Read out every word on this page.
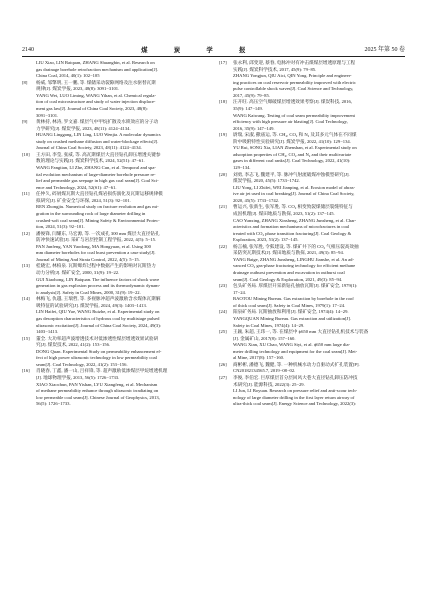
2140	煤 炭 学 报	2025 年第 50 卷
LIU Xiao, LIN Baiquan, ZHANG Shuangbin, et al. Research on
gas drainage borehole retrofraction mechanism and application[J].
China Coal, 2014, 40(1): 102−105
[8]	杨威, 邹擎明, 王一鹏, 等. 煤储采动裂隙网络及注水驱替瓦斯
规律[J]. 煤炭学报, 2023, 48(8): 3091−3101.
YANG Wei, LUO Liming, WANG Yihan, et al. Chemical regula-
tion of coal microstructure and study of water injection displace-
ment gas law[J]. Journal of China Coal Society, 2023, 48(8):
3091−3101.
[9]	黄林持, 林涛, 罗文嘉. 煤层气中甲烷扩散及水锁效应的分子动
力学研究[J]. 煤炭学报, 2023, 48(11): 4124−4134.
HUANG Linggang, LIN Ling, LUO Wenjia. A molecular dynamics
study on crushed methane diffusion and water-blockage effects[J].
Journal of China Coal Society, 2023, 48(11): 4124−4134.
[10]	王方田, 李莹, 张威, 等. 高瓦斯煤层大直径钻孔卸压增透关键参
数的理论与实践[J]. 煤炭科学技术, 2024, 52(51): 47−61.
WANG Fangtian, LI Zhe, ZHANG Cun, et al. Temporal and spa-
tial evolution mechanism of large-diameter borehole pressure re-
lief and permeable gas seepage in high gas coal seam[J]. Coal Sci-
ence and Technology, 2024, 52(S1): 47−61.
[11]	任仲久, 碎屑煤瓦斯大直径钻孔煤岩损伤演化及瓦斯运移规律模
拟研究[J]. 矿业安全与环保, 2024, 51(3): 92−101.
REN Zhongjiu. Numerical study on fracture evolution and gas mi-
gration in the surrounding rock of large diameter drilling in
crushed-soft coal seam[J]. Mining Safety & Environmental Protec-
tion, 2024, 51(3): 92−101.
[12]	潘俊锋, 闫耀东, 马宏源, 等. 一次成孔 300 mm 煤层大直径钻孔
防冲快速试验[J]. 采矿与岩层控制工程学报, 2022, 4(5): 5−15.
PAN Junfeng, YAN Yaodong, MA Hongyuan, et al. Using 300
mm diameter boreholes for coal burst prevention a case study[J].
Journal of Mining And Strata Control, 2022, 4(5): 5−15.
[13]	桂晓宏, 林柏泉. 瓦斯爆炸过程中数据产生的影响对瓦斯热力
动力分析[J]. 煤矿安全, 2000, 31(9): 19−22.
GUI Xiaohong, LIN Baiquan. The influence factors of shock wave
generation in gas explosion process and its thermodynamic dynam-
ic analysis[J]. Safety in Coal Mines, 2000, 31(9): 19−22.
[14]	林梅飞, 仇越, 王瑞哲, 等. 多视脉冲超声波激励含水煤体瓦斯解
吸特征的试验研究[J]. 煤炭学报, 2024, 49(3): 1403−1413.
LIN Haifei, QIU Yue, WANG Ruizhe, et al. Experimental study on
gas desorption characteristics of hydrous coal by multistage pulsed
ultrasonic excitation[J]. Journal of China Coal Society, 2024, 49(3):
1403−1413.
[15]	董全. 大功率超声波增透技术对低渗透性煤层增透效果试验研
究[J]. 煤炭技术, 2022, 41(2): 153−156.
DONG Quan. Experimental Study on permeability enhancement ef-
fect of high power ultrasonic technology in low permeability coal
seam[J]. Coal Technology, 2022, 41(2): 153−156.
[16]	肖晓春, 丁鑫, 潘一山, 吕祥锋, 等. 超声激励低渗煤层甲烷增透机理
[J]. 地球物理学报, 2013, 56(5): 1726−1733.
XIAO Xiaochun, PAN Yishan, LYU Xiangfeng, et al. Mechanism
of methane permeability enhance through ultrasonic irradiating on
low permeable coal seam[J]. Chinese Journal of Geophysics, 2013,
56(5): 1726−1733.
[17]	张永利, 邱变迎, 蔡春, 电脉冲对有冲击煤煤层增透原理与工程
实践[J]. 煤炭科学技术, 2017, 45(9): 79−85.
ZHANG Yongjun, QIU Aici, QIN Yong. Principle and engineer-
ing practices on coal reservoir permeability improved with electric
pulse controllable shock waves[J]. Coal Science and Technology,
2017, 45(9): 79−85.
[18]	汪开旺. 高压空气爆破煤层增透效果考察[J]. 煤炭科技, 2016,
35(9): 147−149.
WANG Kaiwang. Testing of coal seam permeability improvement
efficiency with high pressure air blasting[J]. Coal Technology,
2016, 35(9): 147−149.
[19]	尉瑞, 宋淑, 撒庙运, 等. CH₄, CO₂ 和 N₂ 及其多元气体在不同煤
阶中吸附特性实验研究[J]. 煤炭学报, 2022, 41(10): 129−134.
YU Rui, SONG Xia, LIAN Zhenshan, et al. Experimental study on
adsorption properties of CH₄, CO₂ and N₂ and their multivariate
gases in different coal ranks[J]. Coal Technology, 2022, 41(10):
129−134.
[20]	刘勇, 李志飞, 魏建平, 等. 脉冲气射流破煤冲蚀模型研究[J].
煤炭学报, 2020, 45(5): 1733−1742.
LIU Yong, LI Zhifei, WEI Jianping, et al. Erosion model of abras-
ive air jet used in coal breaking[J]. Journal of China Coal Society,
2020, 45(5): 1733−1742.
[21]	曹运兴, 张新生, 张军胜, 等. CO₂ 相变致裂煤储层裂缝特征与
成因机理[J]. 煤田地质与勘探, 2023, 51(2): 137−145.
CAO Yunxing, ZHANG Xinsheng, ZHANG Junsheng, et al. Char-
acteristics and formation mechanisms of microfractures in coal
treated with CO₂ phase transition fracturing[J]. Coal Geology &
Exploration, 2023, 51(2): 137−145.
[22]	杨言楠, 张军胜, 令狐建设, 等. 煤矿井下的 CO₂ 气相压裂高效抽
采防突瓦斯技术[J]. 煤田地质与勘探, 2021, 49(3): 85−94.
YANG Baige, ZHANG Junsheng, LINGHU Jianshe, et al. An ad-
vanced CO₂ gas-phase fracturing technology for efficient methane
drainage outburst prevention and excavation in outburst coal
seam[J]. Coal Geology & Exploration, 2021, 49(3): 85−94.
[23]	包头矿务局. 厚煤层开采新钻孔抽放瓦斯[J]. 煤矿安全, 1979(1):
17−24.
BAOTOU Mining Bureau. Gas extraction by borehole in the roof
of thick coal seam[J]. Safety in Coal Mines, 1979(1): 17−24.
[24]	阳泉矿务局. 瓦斯抽放和利用[J]. 煤矿安全, 1974(4): 14−29.
YANGQUAN Mining Bureau. Gas extraction and utilization[J].
Safety in Coal Mines, 1974(4): 14−29.
[25]	王颖, 朱超, 王玮一, 等. 在煤层中 ϕ650 mm 大直径钻孔机技术与装备
[J]. 金属矿山, 2017(8): 157−160.
WANG Xian, XU Chao, WANG Siyi, et al. ϕ650 mm large dia-
meter drilling technology and equipment for the coal seam[J]. Met-
al Mine, 2017(8): 157−160.
[26]	商彬彬, 潘德飞, 魏健, 等. 一种机械水动力自驱动式扩孔装置[P].
CN20182134565.7, 2019−08−02.
[27]	李俊, 李伯宏. 巨厚煤层首分层回风大巷大直径钻孔卸压防冲技
术研究[J]. 能源科技, 2022(3): 25−29.
LI Jun, LI Boyuan. Research on pressure relief and anti-scour tech-
nology of large diameter drilling in the first layer return airway of
ultra-thick coal seam[J]. Energy Science and Technology, 2022(3):
